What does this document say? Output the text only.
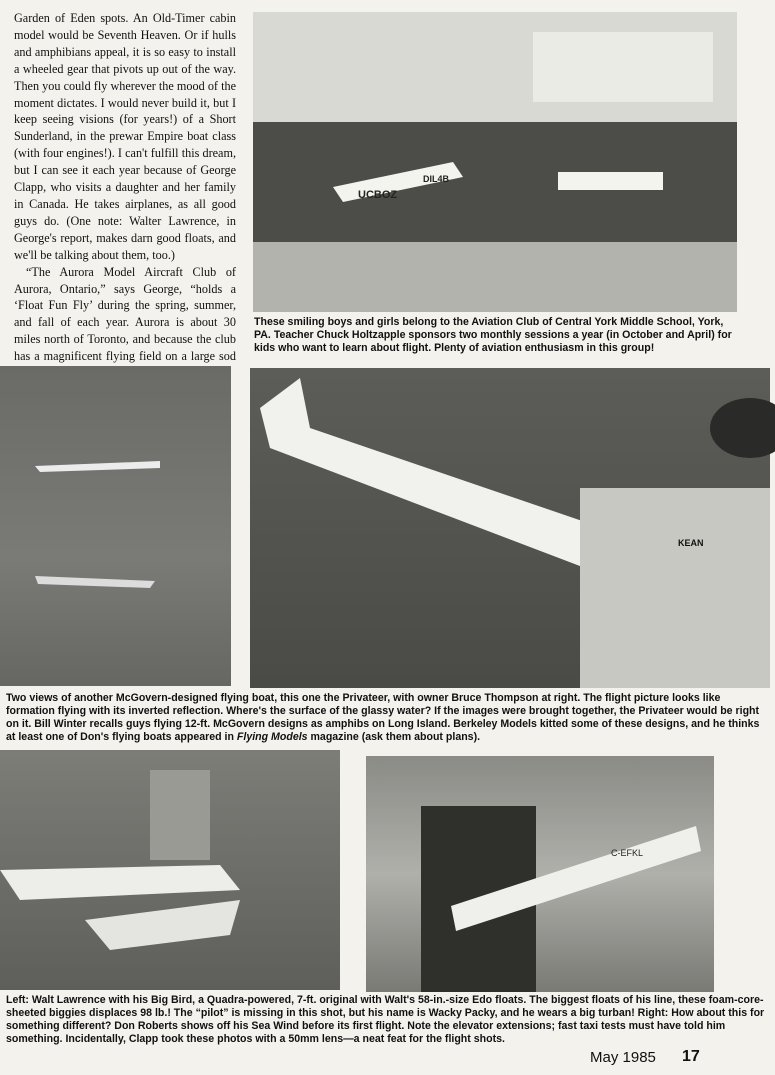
Garden of Eden spots. An Old-Timer cabin model would be Seventh Heaven. Or if hulls and amphibians appeal, it is so easy to install a wheeled gear that pivots up out of the way. Then you could fly wherever the mood of the moment dictates. I would never build it, but I keep seeing visions (for years!) of a Short Sunderland, in the prewar Empire boat class (with four engines!). I can't fulfill this dream, but I can see it each year because of George Clapp, who visits a daughter and her family in Canada. He takes airplanes, as all good guys do. (One note: Walter Lawrence, in George's report, makes darn good floats, and we'll be talking about them, too.)

“The Aurora Model Aircraft Club of Aurora, Ontario,” says George, “holds a ‘Float Fun Fly’ during the spring, summer, and fall of each year. Aurora is about 30 miles north of Toronto, and because the club has a magnificent flying field on a large sod

UCBOZ
DIL4B
These smiling boys and girls belong to the Aviation Club of Central York Middle School, York, PA. Teacher Chuck Holtzapple sponsors two monthly sessions a year (in October and April) for kids who want to learn about flight. Plenty of aviation enthusiasm in this group!
KEAN
Two views of another McGovern-designed flying boat, this one the Privateer, with owner Bruce Thompson at right. The flight picture looks like formation flying with its inverted reflection. Where's the surface of the glassy water? If the images were brought together, the Privateer would be right on it. Bill Winter recalls guys flying 12-ft. McGovern designs as amphibs on Long Island. Berkeley Models kitted some of these designs, and he thinks at least one of Don's flying boats appeared in Flying Models magazine (ask them about plans).
C-EFKL
Left: Walt Lawrence with his Big Bird, a Quadra-powered, 7-ft. original with Walt's 58-in.-size Edo floats. The biggest floats of his line, these foam-core-sheeted biggies displaces 98 lb.! The “pilot” is missing in this shot, but his name is Wacky Packy, and he wears a big turban! Right: How about this for something different? Don Roberts shows off his Sea Wind before its first flight. Note the elevator extensions; fast taxi tests must have told him something. Incidentally, Clapp took these photos with a 50mm lens—a neat feat for the flight shots.
May 1985 17
